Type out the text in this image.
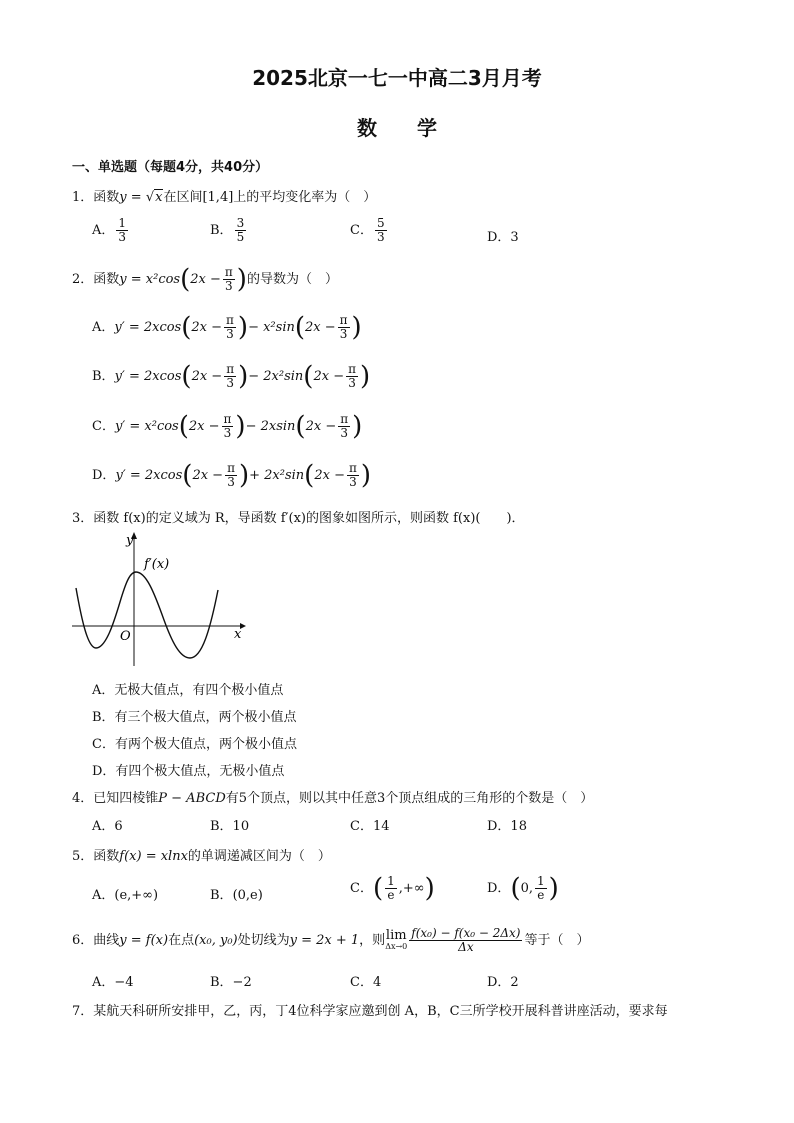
2025北京一七一中高二3月月考
数学
一、单选题（每题4分，共40分）
1．函数y = √x在区间[1,4]上的平均变化率为（　）
A． $\frac{1}{3}$	B． $\frac{3}{5}$	C． $\frac{5}{3}$	D．3
2．函数$y = x^2\cos(2x - \frac{\pi}{3}$ )的导数为（　）
A．$y' = 2xcos(2x - \frac{\pi}{3}$ )− $x^2\sin(2x - \frac{\pi}{3}$ )
B．$y' = 2xcos(2x - \frac{\pi}{3}$ )− $2x^2\sin(2x - \frac{\pi}{3}$ )
C．$y' = x^2\cos(2x - \frac{\pi}{3}$ )− $2xsin(2x - \frac{\pi}{3}$ )
D．$y' = 2xcos(2x - \frac{\pi}{3}$ )+ $2x^2\sin(2x - \frac{\pi}{3}$ )
3．函数 f(x)的定义域为 R，导函数 f′(x)的图象如图所示，则函数 f(x)(　　)．
y
x
O
f′(x)
A．无极大值点，有四个极小值点
B．有三个极大值点，两个极小值点
C．有两个极大值点，两个极小值点
D．有四个极大值点，无极小值点
4．已知四棱锥P − ABCD有5个顶点，则以其中任意3个顶点组成的三角形的个数是（　）
A．6	B．10	C．14	D．18
5．函数f(x) = xlnx的单调递减区间为（　）
A．(e,+∞)	B．(0,e)	C．( $\frac{1}{e}$ ,+∞)	D．(0, $\frac{1}{e}$ )
6．曲线y = f(x)在点(x₀, y₀)处切线为y = 2x + 1，则 lim
$\Delta x\to 0 \frac{\text{f(x₀) − f(x₀ − 2Δx)}}{\Delta x}$ 等于（　）
A．−4	B．−2	C．4	D．2
7．某航天科研所安排甲，乙，丙，丁4位科学家应邀到创 A，B，C三所学校开展科普讲座活动，要求每
